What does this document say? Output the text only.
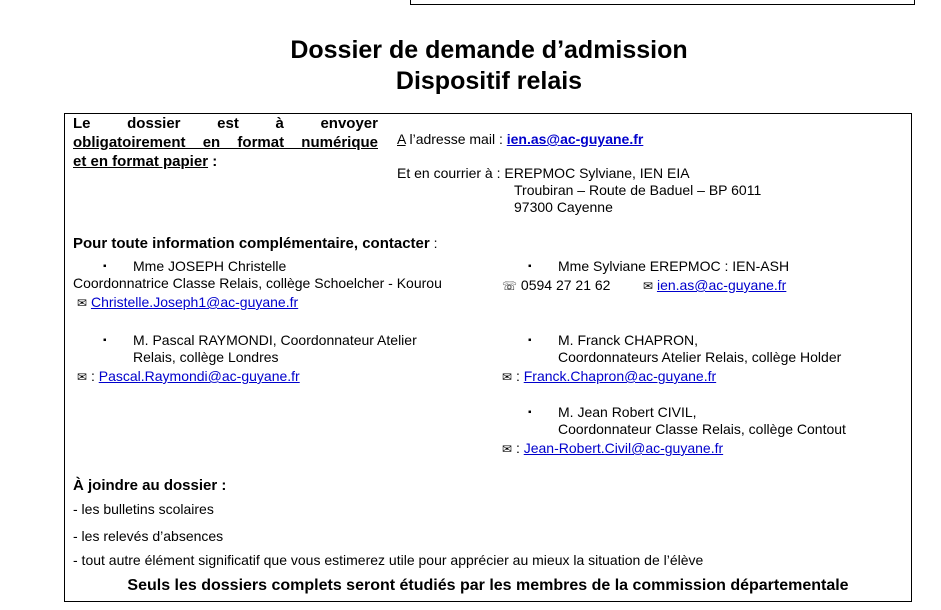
Dossier de demande d’admission
Dispositif relais
Le dossier est à envoyer
obligatoirement en format numérique
et en format papier :
A l’adresse mail : ien.as@ac-guyane.fr
Et en courrier à : EREPMOC Sylviane, IEN EIA
Troubiran – Route de Baduel – BP 6011
97300 Cayenne
Pour toute information complémentaire, contacter :
▪ Mme JOSEPH Christelle
Coordonnatrice Classe Relais, collège Schoelcher - Kourou
✉ Christelle.Joseph1@ac-guyane.fr
▪ M. Pascal RAYMONDI, Coordonnateur Atelier
Relais, collège Londres
✉ : Pascal.Raymondi@ac-guyane.fr
▪ Mme Sylviane EREPMOC : IEN-ASH
☏ 0594 27 21 62	✉ ien.as@ac-guyane.fr
▪ M. Franck CHAPRON,
Coordonnateurs Atelier Relais, collège Holder
✉ : Franck.Chapron@ac-guyane.fr
▪ M. Jean Robert CIVIL,
Coordonnateur Classe Relais, collège Contout
✉ : Jean-Robert.Civil@ac-guyane.fr
À joindre au dossier :
- les bulletins scolaires
- les relevés d’absences
- tout autre élément significatif que vous estimerez utile pour apprécier au mieux la situation de l’élève
Seuls les dossiers complets seront étudiés par les membres de la commission départementale
